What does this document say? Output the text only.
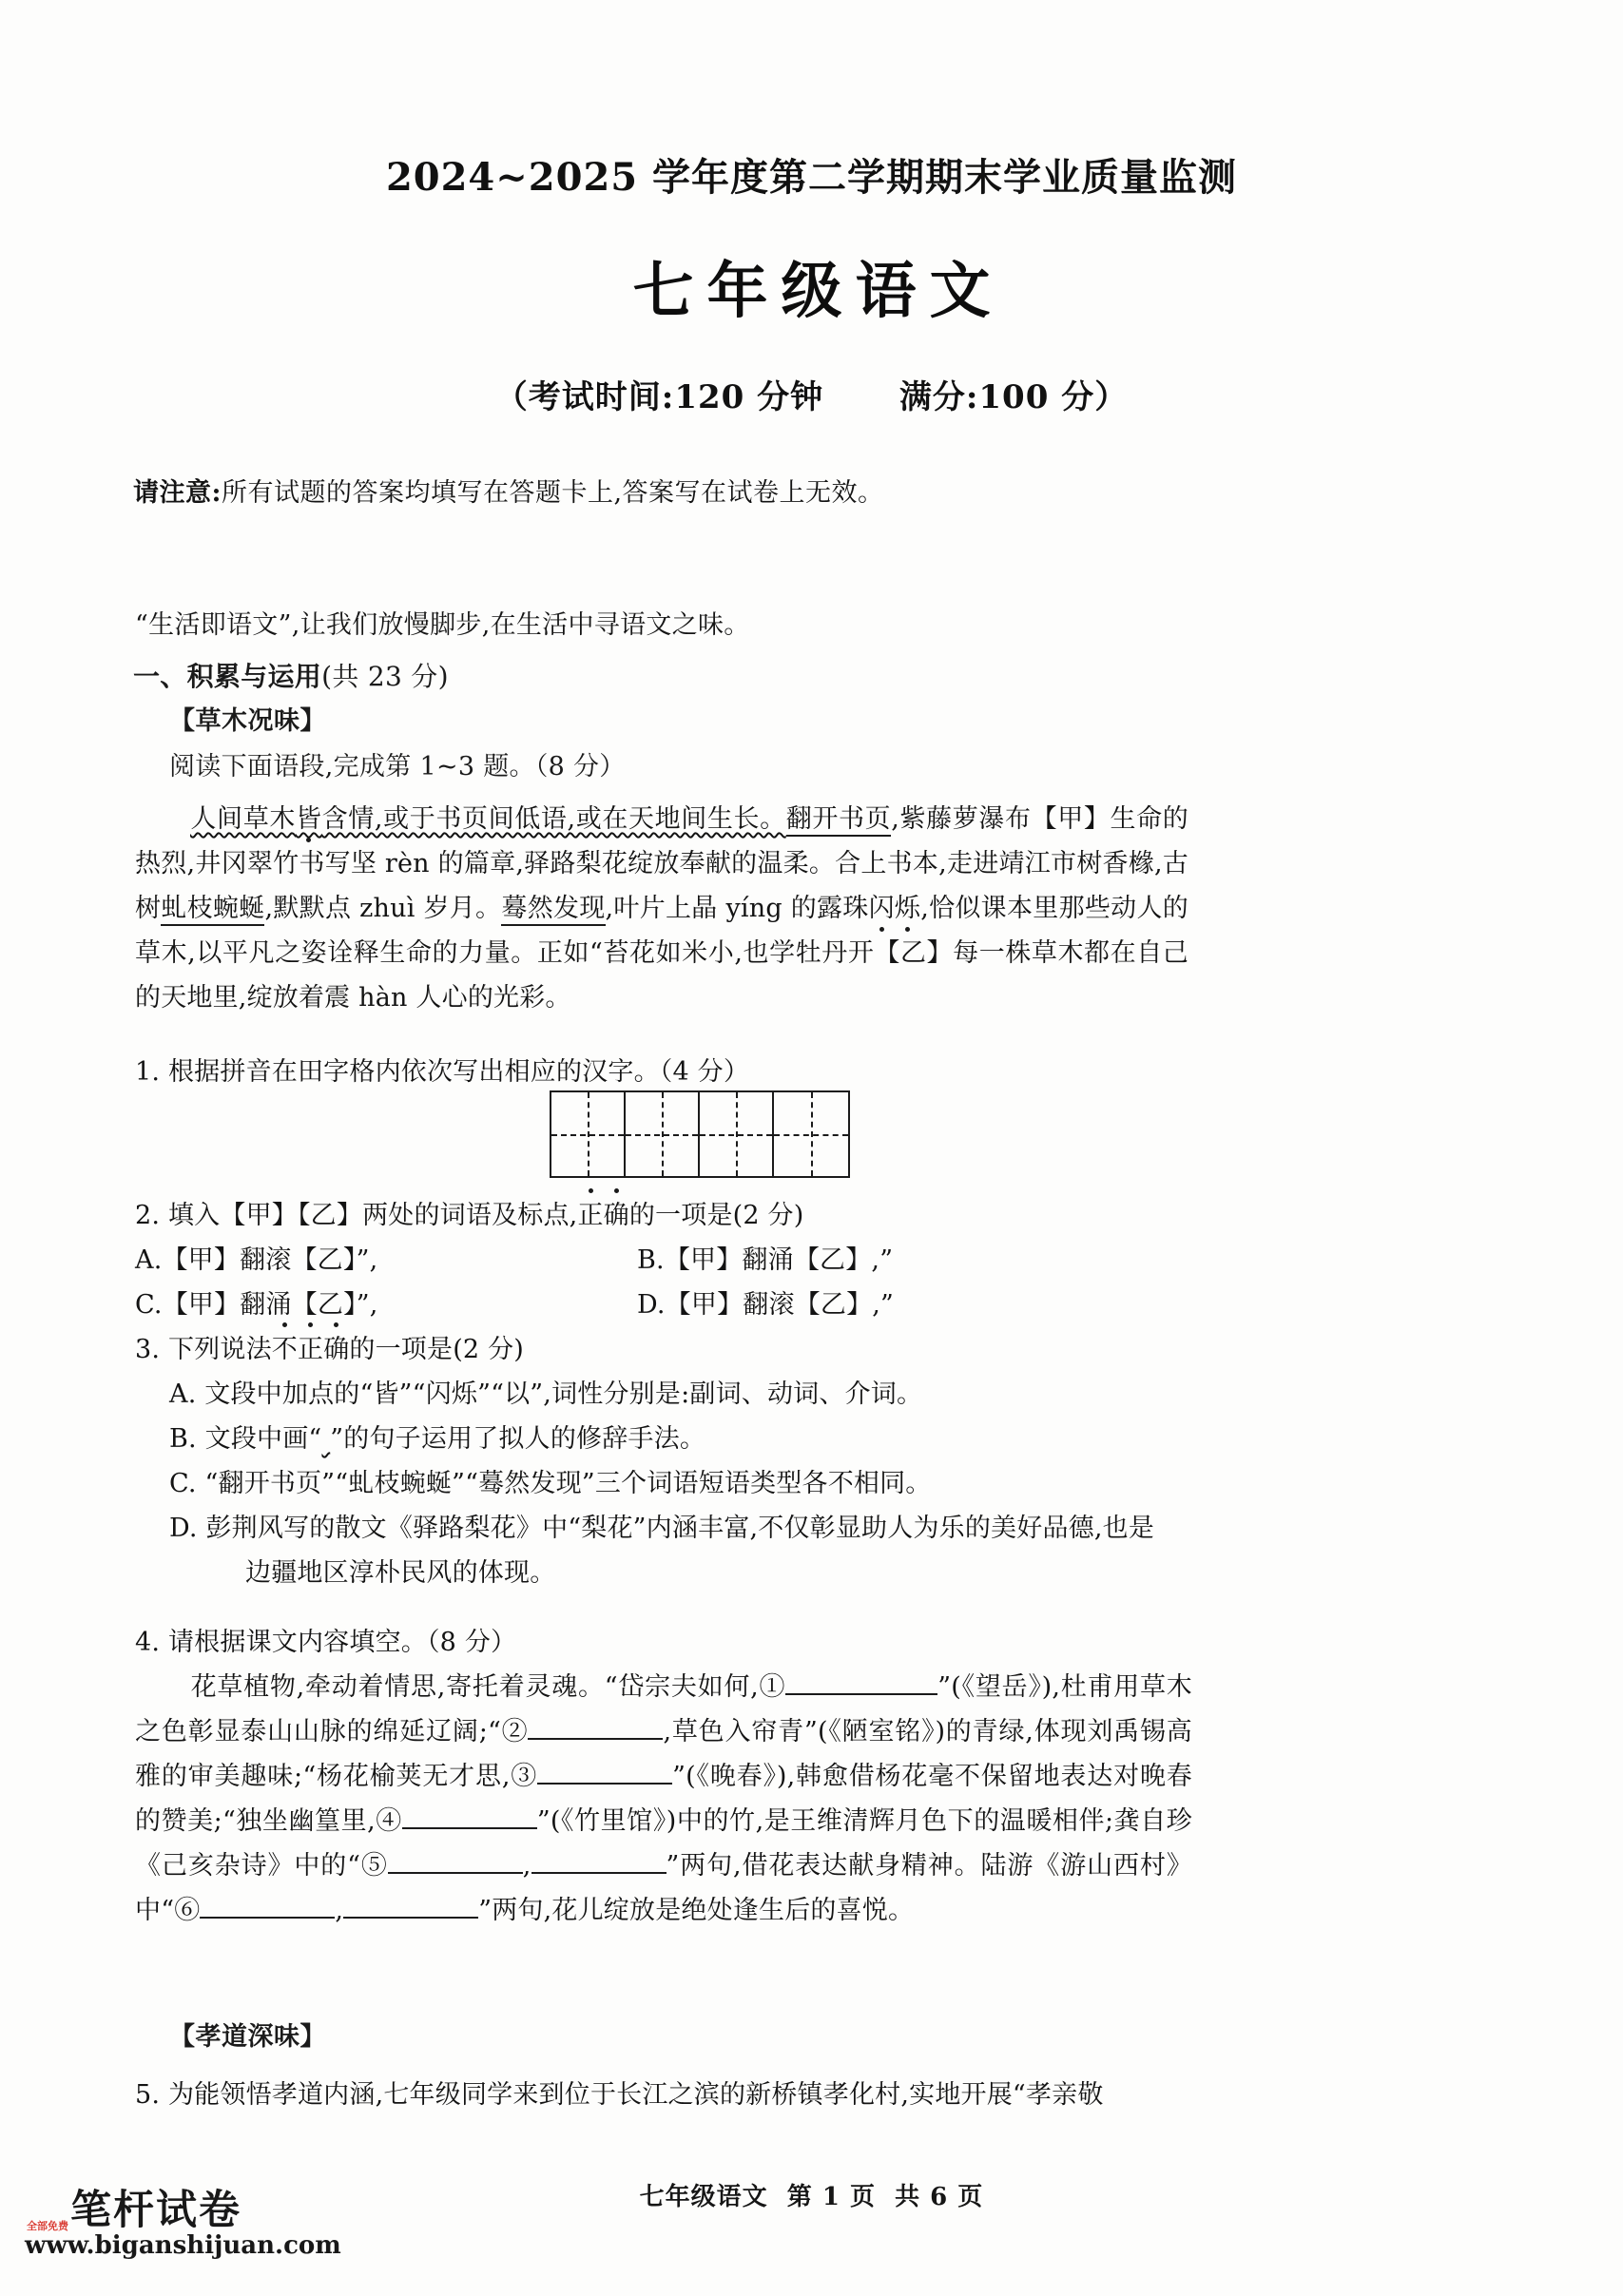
2024~2025 学年度第二学期期末学业质量监测
七年级语文
（考试时间:120 分钟 满分:100 分）
请注意:所有试题的答案均填写在答题卡上,答案写在试卷上无效。
“生活即语文”,让我们放慢脚步,在生活中寻语文之味。
一、积累与运用(共 23 分)
【草木况味】
阅读下面语段,完成第 1~3 题。（8 分）
人间草木皆含情,或于书页间低语,或在天地间生长。翻开书页,紫藤萝瀑布【甲】生命的热烈,井冈翠竹书写坚 rèn 的篇章,驿路梨花绽放奉献的温柔。合上书本,走进靖江市树香橼,古树虬枝蜿蜒,默默点 zhuì 岁月。蓦然发现,叶片上晶 yíng 的露珠闪烁,恰似课本里那些动人的草木,以平凡之姿诠释生命的力量。正如“苔花如米小,也学牡丹开【乙】每一株草木都在自己的天地里,绽放着震 hàn 人心的光彩。
1. 根据拼音在田字格内依次写出相应的汉字。（4 分）
2. 填入【甲】【乙】两处的词语及标点,正确的一项是(2 分)
A.【甲】翻滚【乙】”,	B.【甲】翻涌【乙】,”
C.【甲】翻涌【乙】”,	D.【甲】翻滚【乙】,”
3. 下列说法不正确的一项是(2 分)
A. 文段中加点的“皆”“闪烁”“以”,词性分别是:副词、动词、介词。
B. 文段中画“ ”的句子运用了拟人的修辞手法。
C. “翻开书页”“虬枝蜿蜒”“蓦然发现”三个词语短语类型各不相同。
D. 彭荆风写的散文《驿路梨花》中“梨花”内涵丰富,不仅彰显助人为乐的美好品德,也是
边疆地区淳朴民风的体现。
4. 请根据课文内容填空。（8 分）
花草植物,牵动着情思,寄托着灵魂。“岱宗夫如何,①	”(《望岳》),杜甫用草木之色彰显泰山山脉的绵延辽阔;“②	,草色入帘青”(《陋室铭》)的青绿,体现刘禹锡高雅的审美趣味;“杨花榆荚无才思,③	”(《晚春》),韩愈借杨花毫不保留地表达对晚春的赞美;“独坐幽篁里,④	”(《竹里馆》)中的竹,是王维清辉月色下的温暖相伴;龚自珍《己亥杂诗》中的“⑤	,	”两句,借花表达献身精神。陆游《游山西村》中“⑥	,	”两句,花儿绽放是绝处逢生后的喜悦。
【孝道深味】
5. 为能领悟孝道内涵,七年级同学来到位于长江之滨的新桥镇孝化村,实地开展“孝亲敬
七年级语文 第 1 页 共 6 页
笔杆试卷
全部免费
www.biganshijuan.com
